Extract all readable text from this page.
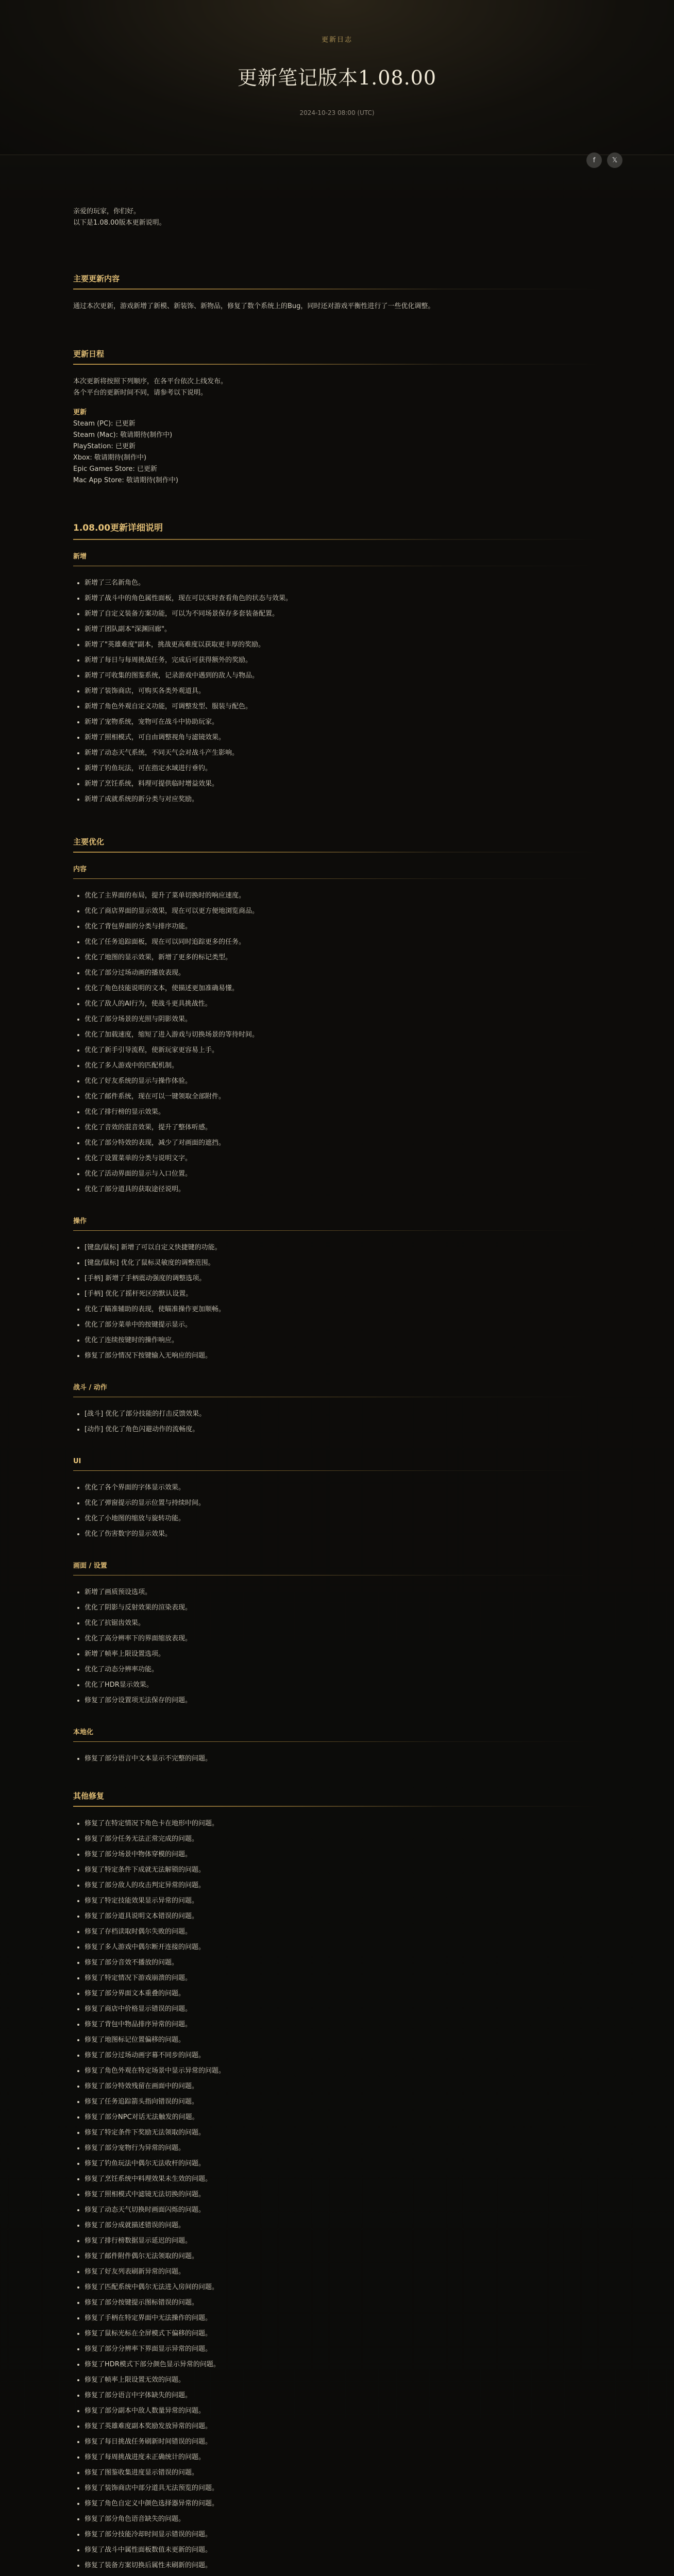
更新日志
更新笔记版本1.08.00
2024-10-23 08:00 (UTC)
f	𝕏

亲爱的玩家，你们好。

以下是1.08.00版本更新说明。

主要更新内容

通过本次更新，游戏新增了新模、新装饰、新物品，修复了数个系统上的Bug，同时还对游戏平衡性进行了一些优化调整。

更新日程

本次更新将按照下列顺序，在各平台依次上线发布。

各个平台的更新时间不同，请参考以下说明。

更新

Steam (PC): 已更新

Steam (Mac): 敬请期待(制作中)

PlayStation: 已更新

Xbox: 敬请期待(制作中)

Epic Games Store: 已更新

Mac App Store: 敬请期待(制作中)

1.08.00更新详细说明
新增
• 新增了三名新角色。
• 新增了战斗中的角色属性面板，现在可以实时查看角色的状态与效果。
• 新增了自定义装备方案功能，可以为不同场景保存多套装备配置。
• 新增了团队副本"深渊回廊"。
• 新增了"英雄难度"副本，挑战更高难度以获取更丰厚的奖励。
• 新增了每日与每周挑战任务，完成后可获得额外的奖励。
• 新增了可收集的图鉴系统，记录游戏中遇到的敌人与物品。
• 新增了装饰商店，可购买各类外观道具。
• 新增了角色外观自定义功能，可调整发型、服装与配色。
• 新增了宠物系统，宠物可在战斗中协助玩家。
• 新增了照相模式，可自由调整视角与滤镜效果。
• 新增了动态天气系统，不同天气会对战斗产生影响。
• 新增了钓鱼玩法，可在指定水域进行垂钓。
• 新增了烹饪系统，料理可提供临时增益效果。
• 新增了成就系统的新分类与对应奖励。
主要优化
内容
• 优化了主界面的布局，提升了菜单切换时的响应速度。
• 优化了商店界面的显示效果，现在可以更方便地浏览商品。
• 优化了背包界面的分类与排序功能。
• 优化了任务追踪面板，现在可以同时追踪更多的任务。
• 优化了地图的显示效果，新增了更多的标记类型。
• 优化了部分过场动画的播放表现。
• 优化了角色技能说明的文本，使描述更加准确易懂。
• 优化了敌人的AI行为，使战斗更具挑战性。
• 优化了部分场景的光照与阴影效果。
• 优化了加载速度，缩短了进入游戏与切换场景的等待时间。
• 优化了新手引导流程，使新玩家更容易上手。
• 优化了多人游戏中的匹配机制。
• 优化了好友系统的显示与操作体验。
• 优化了邮件系统，现在可以一键领取全部附件。
• 优化了排行榜的显示效果。
• 优化了音效的混音效果，提升了整体听感。
• 优化了部分特效的表现，减少了对画面的遮挡。
• 优化了设置菜单的分类与说明文字。
• 优化了活动界面的显示与入口位置。
• 优化了部分道具的获取途径说明。
操作
• [键盘/鼠标] 新增了可以自定义快捷键的功能。
• [键盘/鼠标] 优化了鼠标灵敏度的调整范围。
• [手柄] 新增了手柄震动强度的调整选项。
• [手柄] 优化了摇杆死区的默认设置。
• 优化了瞄准辅助的表现，使瞄准操作更加顺畅。
• 优化了部分菜单中的按键提示显示。
• 优化了连续按键时的操作响应。
• 修复了部分情况下按键输入无响应的问题。
战斗 / 动作
• [战斗] 优化了部分技能的打击反馈效果。
• [动作] 优化了角色闪避动作的流畅度。
UI
• 优化了各个界面的字体显示效果。
• 优化了弹窗提示的显示位置与持续时间。
• 优化了小地图的缩放与旋转功能。
• 优化了伤害数字的显示效果。
画面 / 设置
• 新增了画质预设选项。
• 优化了阴影与反射效果的渲染表现。
• 优化了抗锯齿效果。
• 优化了高分辨率下的界面缩放表现。
• 新增了帧率上限设置选项。
• 优化了动态分辨率功能。
• 优化了HDR显示效果。
• 修复了部分设置项无法保存的问题。
本地化
• 修复了部分语言中文本显示不完整的问题。
其他修复
• 修复了在特定情况下角色卡在地形中的问题。
• 修复了部分任务无法正常完成的问题。
• 修复了部分场景中物体穿模的问题。
• 修复了特定条件下成就无法解锁的问题。
• 修复了部分敌人的攻击判定异常的问题。
• 修复了特定技能效果显示异常的问题。
• 修复了部分道具说明文本错误的问题。
• 修复了存档读取时偶尔失败的问题。
• 修复了多人游戏中偶尔断开连接的问题。
• 修复了部分音效不播放的问题。
• 修复了特定情况下游戏崩溃的问题。
• 修复了部分界面文本重叠的问题。
• 修复了商店中价格显示错误的问题。
• 修复了背包中物品排序异常的问题。
• 修复了地图标记位置偏移的问题。
• 修复了部分过场动画字幕不同步的问题。
• 修复了角色外观在特定场景中显示异常的问题。
• 修复了部分特效残留在画面中的问题。
• 修复了任务追踪箭头指向错误的问题。
• 修复了部分NPC对话无法触发的问题。
• 修复了特定条件下奖励无法领取的问题。
• 修复了部分宠物行为异常的问题。
• 修复了钓鱼玩法中偶尔无法收杆的问题。
• 修复了烹饪系统中料理效果未生效的问题。
• 修复了照相模式中滤镜无法切换的问题。
• 修复了动态天气切换时画面闪烁的问题。
• 修复了部分成就描述错误的问题。
• 修复了排行榜数据显示延迟的问题。
• 修复了邮件附件偶尔无法领取的问题。
• 修复了好友列表刷新异常的问题。
• 修复了匹配系统中偶尔无法进入房间的问题。
• 修复了部分按键提示图标错误的问题。
• 修复了手柄在特定界面中无法操作的问题。
• 修复了鼠标光标在全屏模式下偏移的问题。
• 修复了部分分辨率下界面显示异常的问题。
• 修复了HDR模式下部分颜色显示异常的问题。
• 修复了帧率上限设置无效的问题。
• 修复了部分语言中字体缺失的问题。
• 修复了部分副本中敌人数量异常的问题。
• 修复了英雄难度副本奖励发放异常的问题。
• 修复了每日挑战任务刷新时间错误的问题。
• 修复了每周挑战进度未正确统计的问题。
• 修复了图鉴收集进度显示错误的问题。
• 修复了装饰商店中部分道具无法预览的问题。
• 修复了角色自定义中颜色选择器异常的问题。
• 修复了部分角色语音缺失的问题。
• 修复了部分技能冷却时间显示错误的问题。
• 修复了战斗中属性面板数值未更新的问题。
• 修复了装备方案切换后属性未刷新的问题。
•
